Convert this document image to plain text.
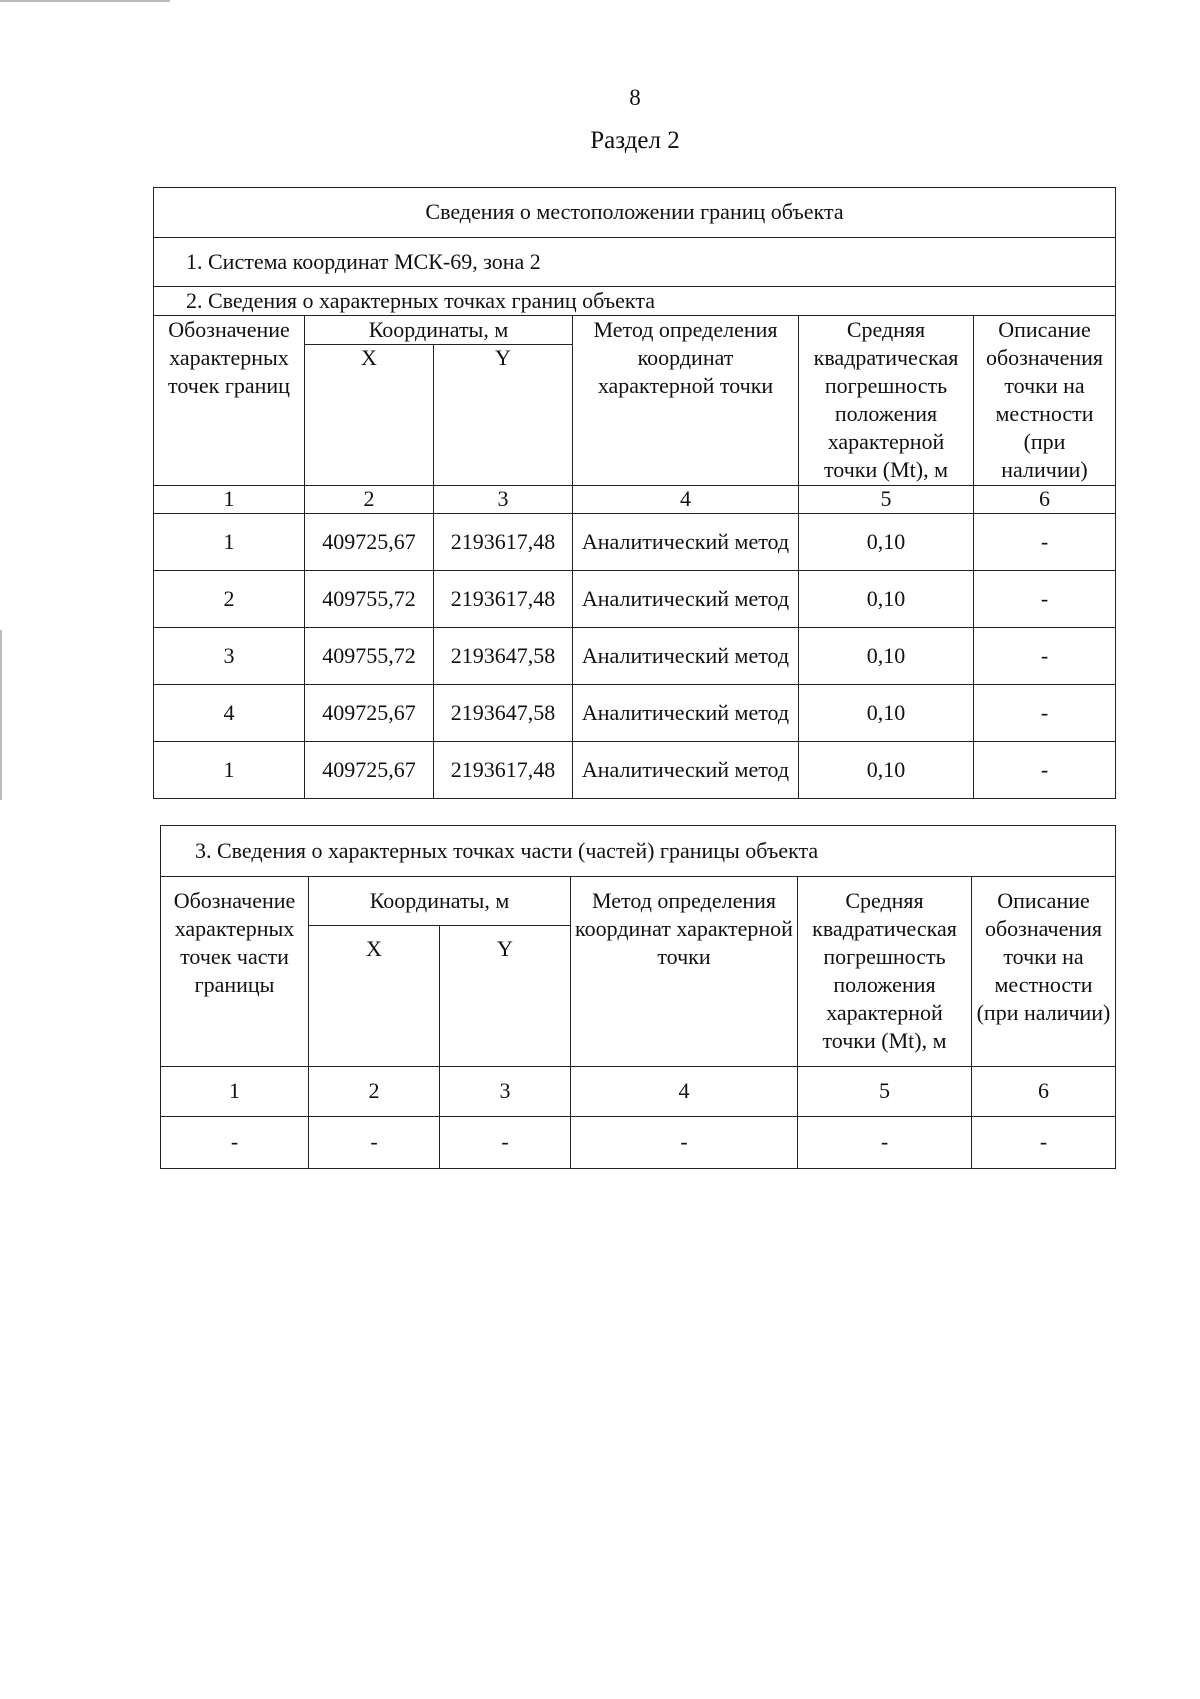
8
Раздел 2
Сведения о местоположении границ объекта					
1. Система координат МСК-69, зона 2					
2. Сведения о характерных точках границ объекта					
Обозначение характерных точек границ	Координаты, м		Метод определения координат характерной точки	Средняя квадратическая погрешность положения характерной точки (Mt), м	Описание обозначения точки на местности (при наличии)
	X	Y			
1	2	3	4	5	6
1	409725,67	2193617,48	Аналитический метод	0,10	-
2	409755,72	2193617,48	Аналитический метод	0,10	-
3	409755,72	2193647,58	Аналитический метод	0,10	-
4	409725,67	2193647,58	Аналитический метод	0,10	-
1	409725,67	2193617,48	Аналитический метод	0,10	-
3. Сведения о характерных точках части (частей) границы объекта					
Обозначение характерных точек части границы	Координаты, м		Метод определения координат характерной точки	Средняя квадратическая погрешность положения характерной точки (Mt), м	Описание обозначения точки на местности (при наличии)
	X	Y			
1	2	3	4	5	6
-	-	-	-	-	-
